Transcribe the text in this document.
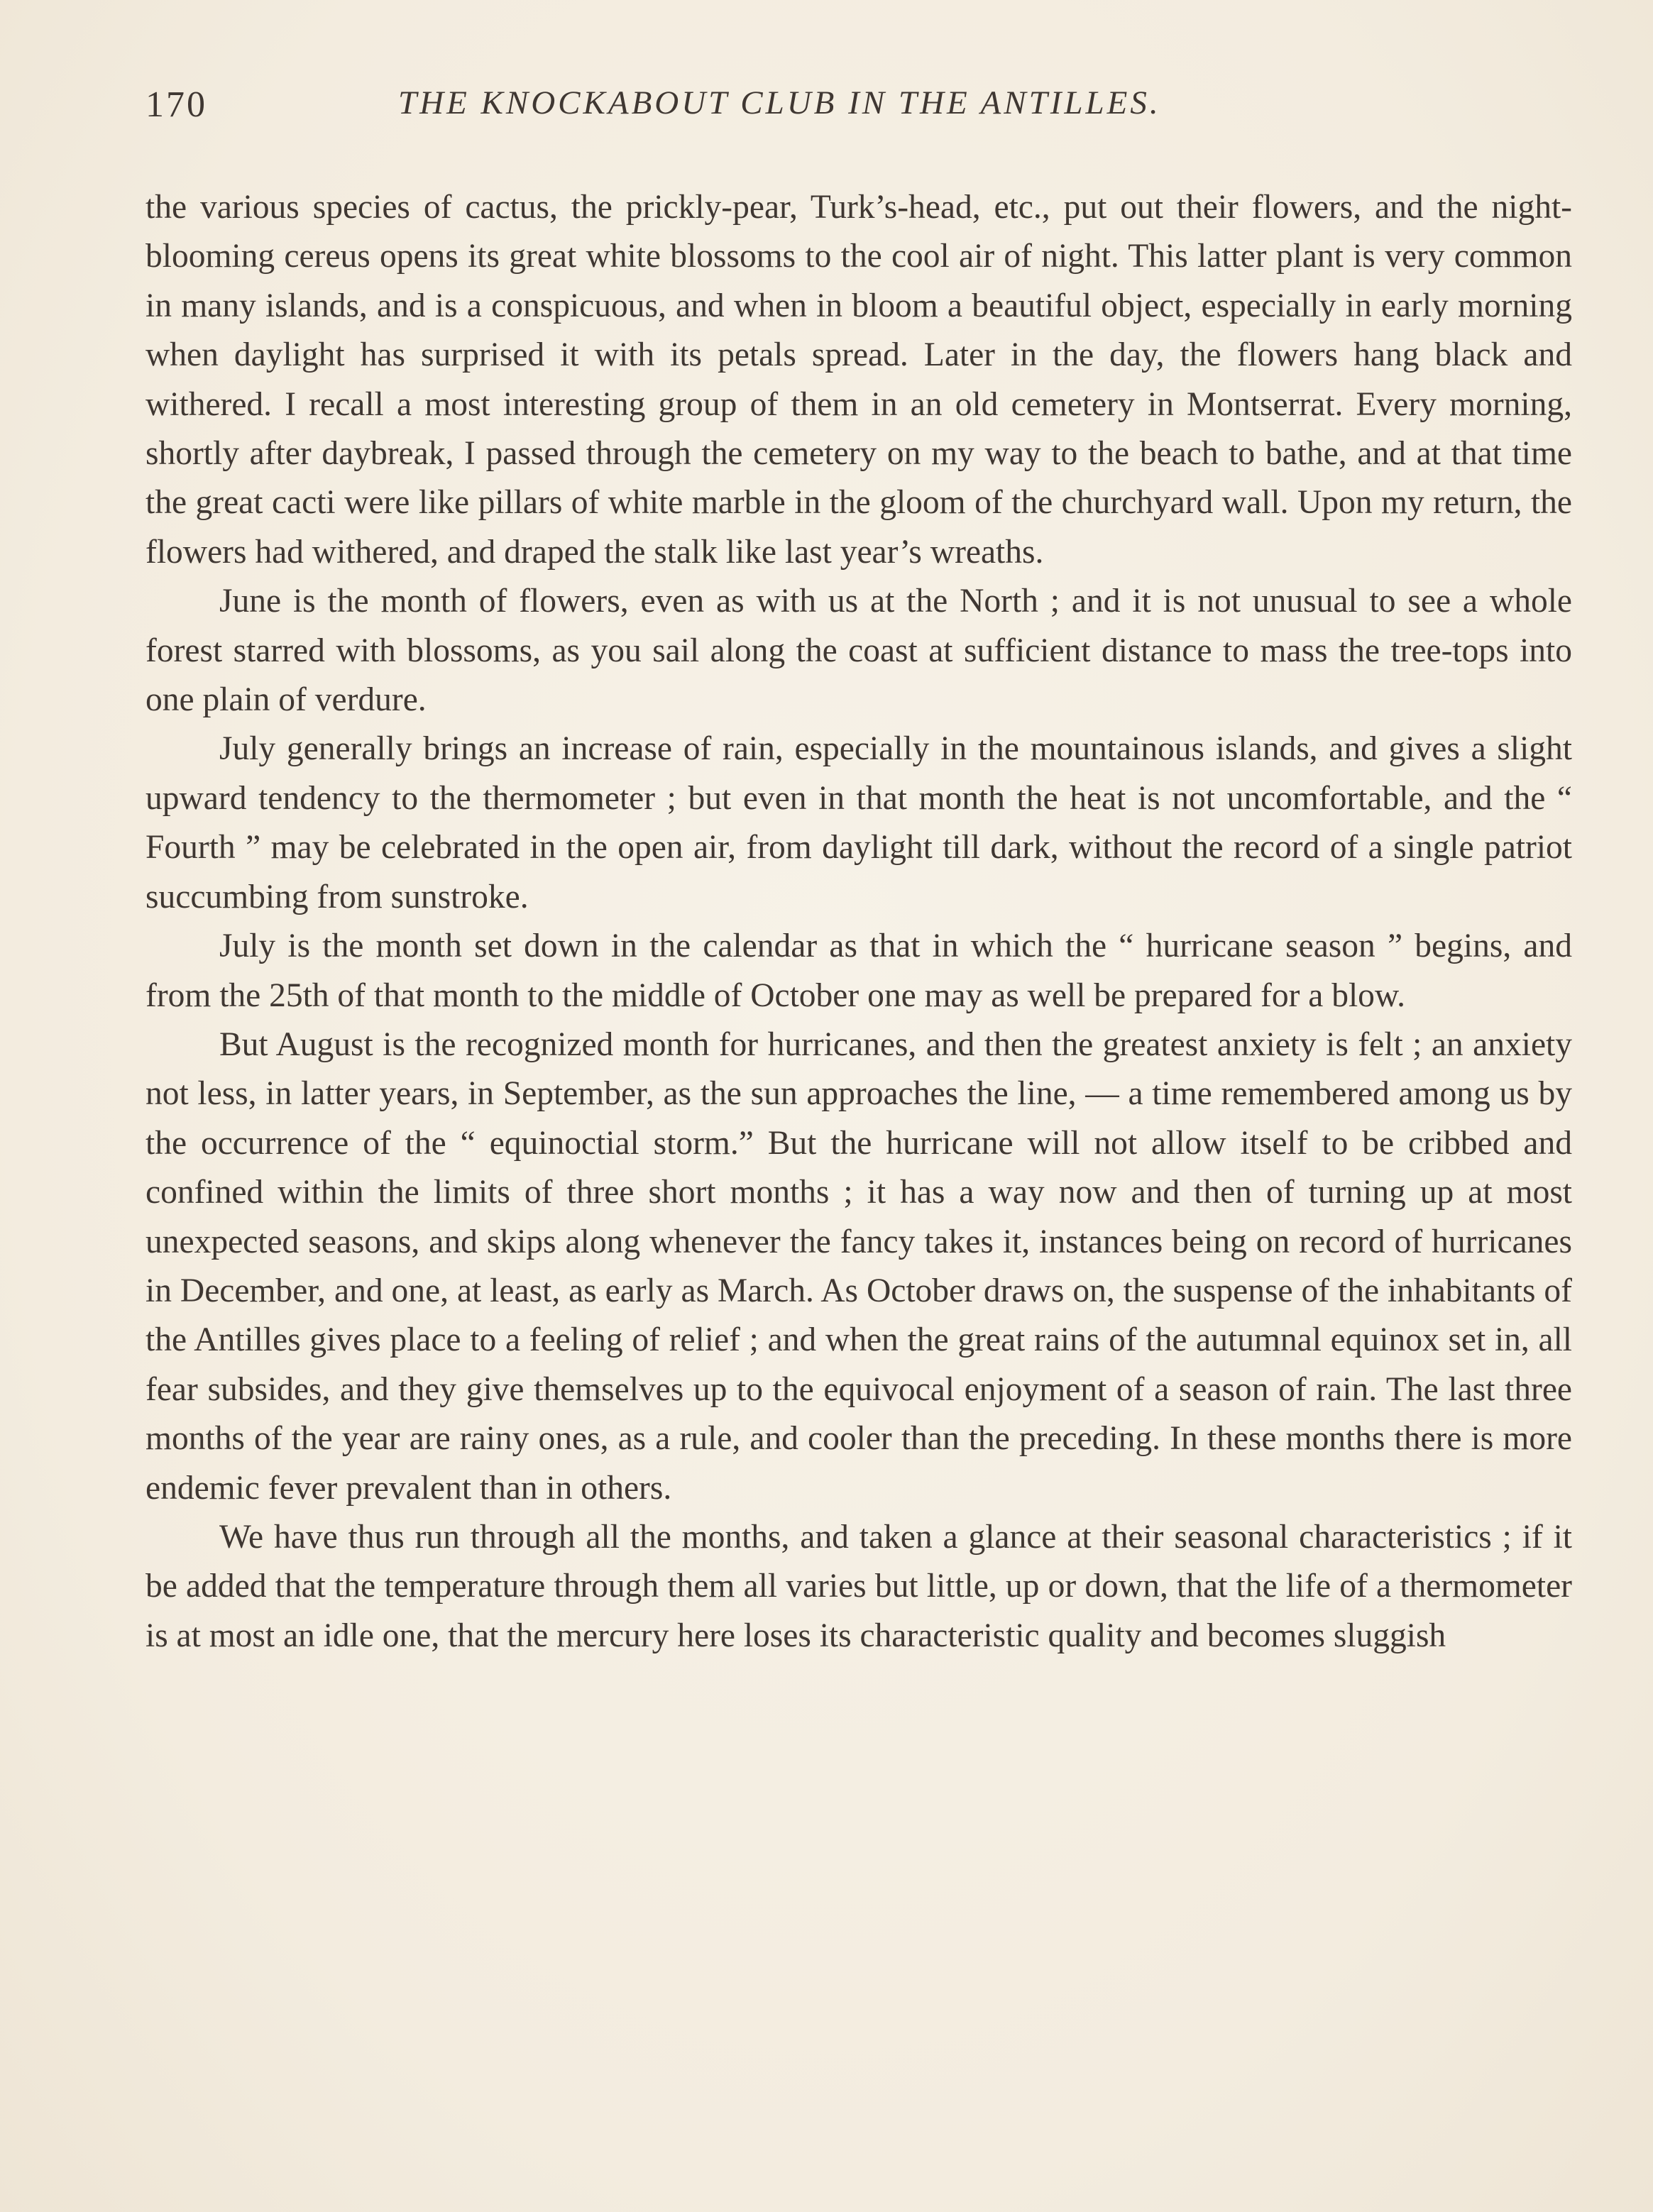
170	THE KNOCKABOUT CLUB IN THE ANTILLES.

the various species of cactus, the prickly-pear, Turk’s-head, etc., put out their flowers, and the night-blooming cereus opens its great white blossoms to the cool air of night. This latter plant is very common in many islands, and is a conspicuous, and when in bloom a beautiful object, especially in early morning when daylight has surprised it with its petals spread. Later in the day, the flowers hang black and withered. I recall a most interesting group of them in an old cemetery in Montserrat. Every morning, shortly after daybreak, I passed through the cemetery on my way to the beach to bathe, and at that time the great cacti were like pillars of white marble in the gloom of the churchyard wall. Upon my return, the flowers had withered, and draped the stalk like last year’s wreaths.

June is the month of flowers, even as with us at the North ; and it is not unusual to see a whole forest starred with blossoms, as you sail along the coast at sufficient distance to mass the tree-tops into one plain of verdure.

July generally brings an increase of rain, especially in the mountainous islands, and gives a slight upward tendency to the thermometer ; but even in that month the heat is not uncomfortable, and the “ Fourth ” may be celebrated in the open air, from daylight till dark, without the record of a single patriot succumbing from sunstroke.

July is the month set down in the calendar as that in which the “ hurricane season ” begins, and from the 25th of that month to the middle of October one may as well be prepared for a blow.

But August is the recognized month for hurricanes, and then the greatest anxiety is felt ; an anxiety not less, in latter years, in September, as the sun approaches the line, — a time remembered among us by the occurrence of the “ equinoctial storm.” But the hurricane will not allow itself to be cribbed and confined within the limits of three short months ; it has a way now and then of turning up at most unexpected seasons, and skips along whenever the fancy takes it, instances being on record of hurricanes in December, and one, at least, as early as March. As October draws on, the suspense of the inhabitants of the Antilles gives place to a feeling of relief ; and when the great rains of the autumnal equinox set in, all fear subsides, and they give themselves up to the equivocal enjoyment of a season of rain. The last three months of the year are rainy ones, as a rule, and cooler than the preceding. In these months there is more endemic fever prevalent than in others.

We have thus run through all the months, and taken a glance at their seasonal characteristics ; if it be added that the temperature through them all varies but little, up or down, that the life of a thermometer is at most an idle one, that the mercury here loses its characteristic quality and becomes sluggish
